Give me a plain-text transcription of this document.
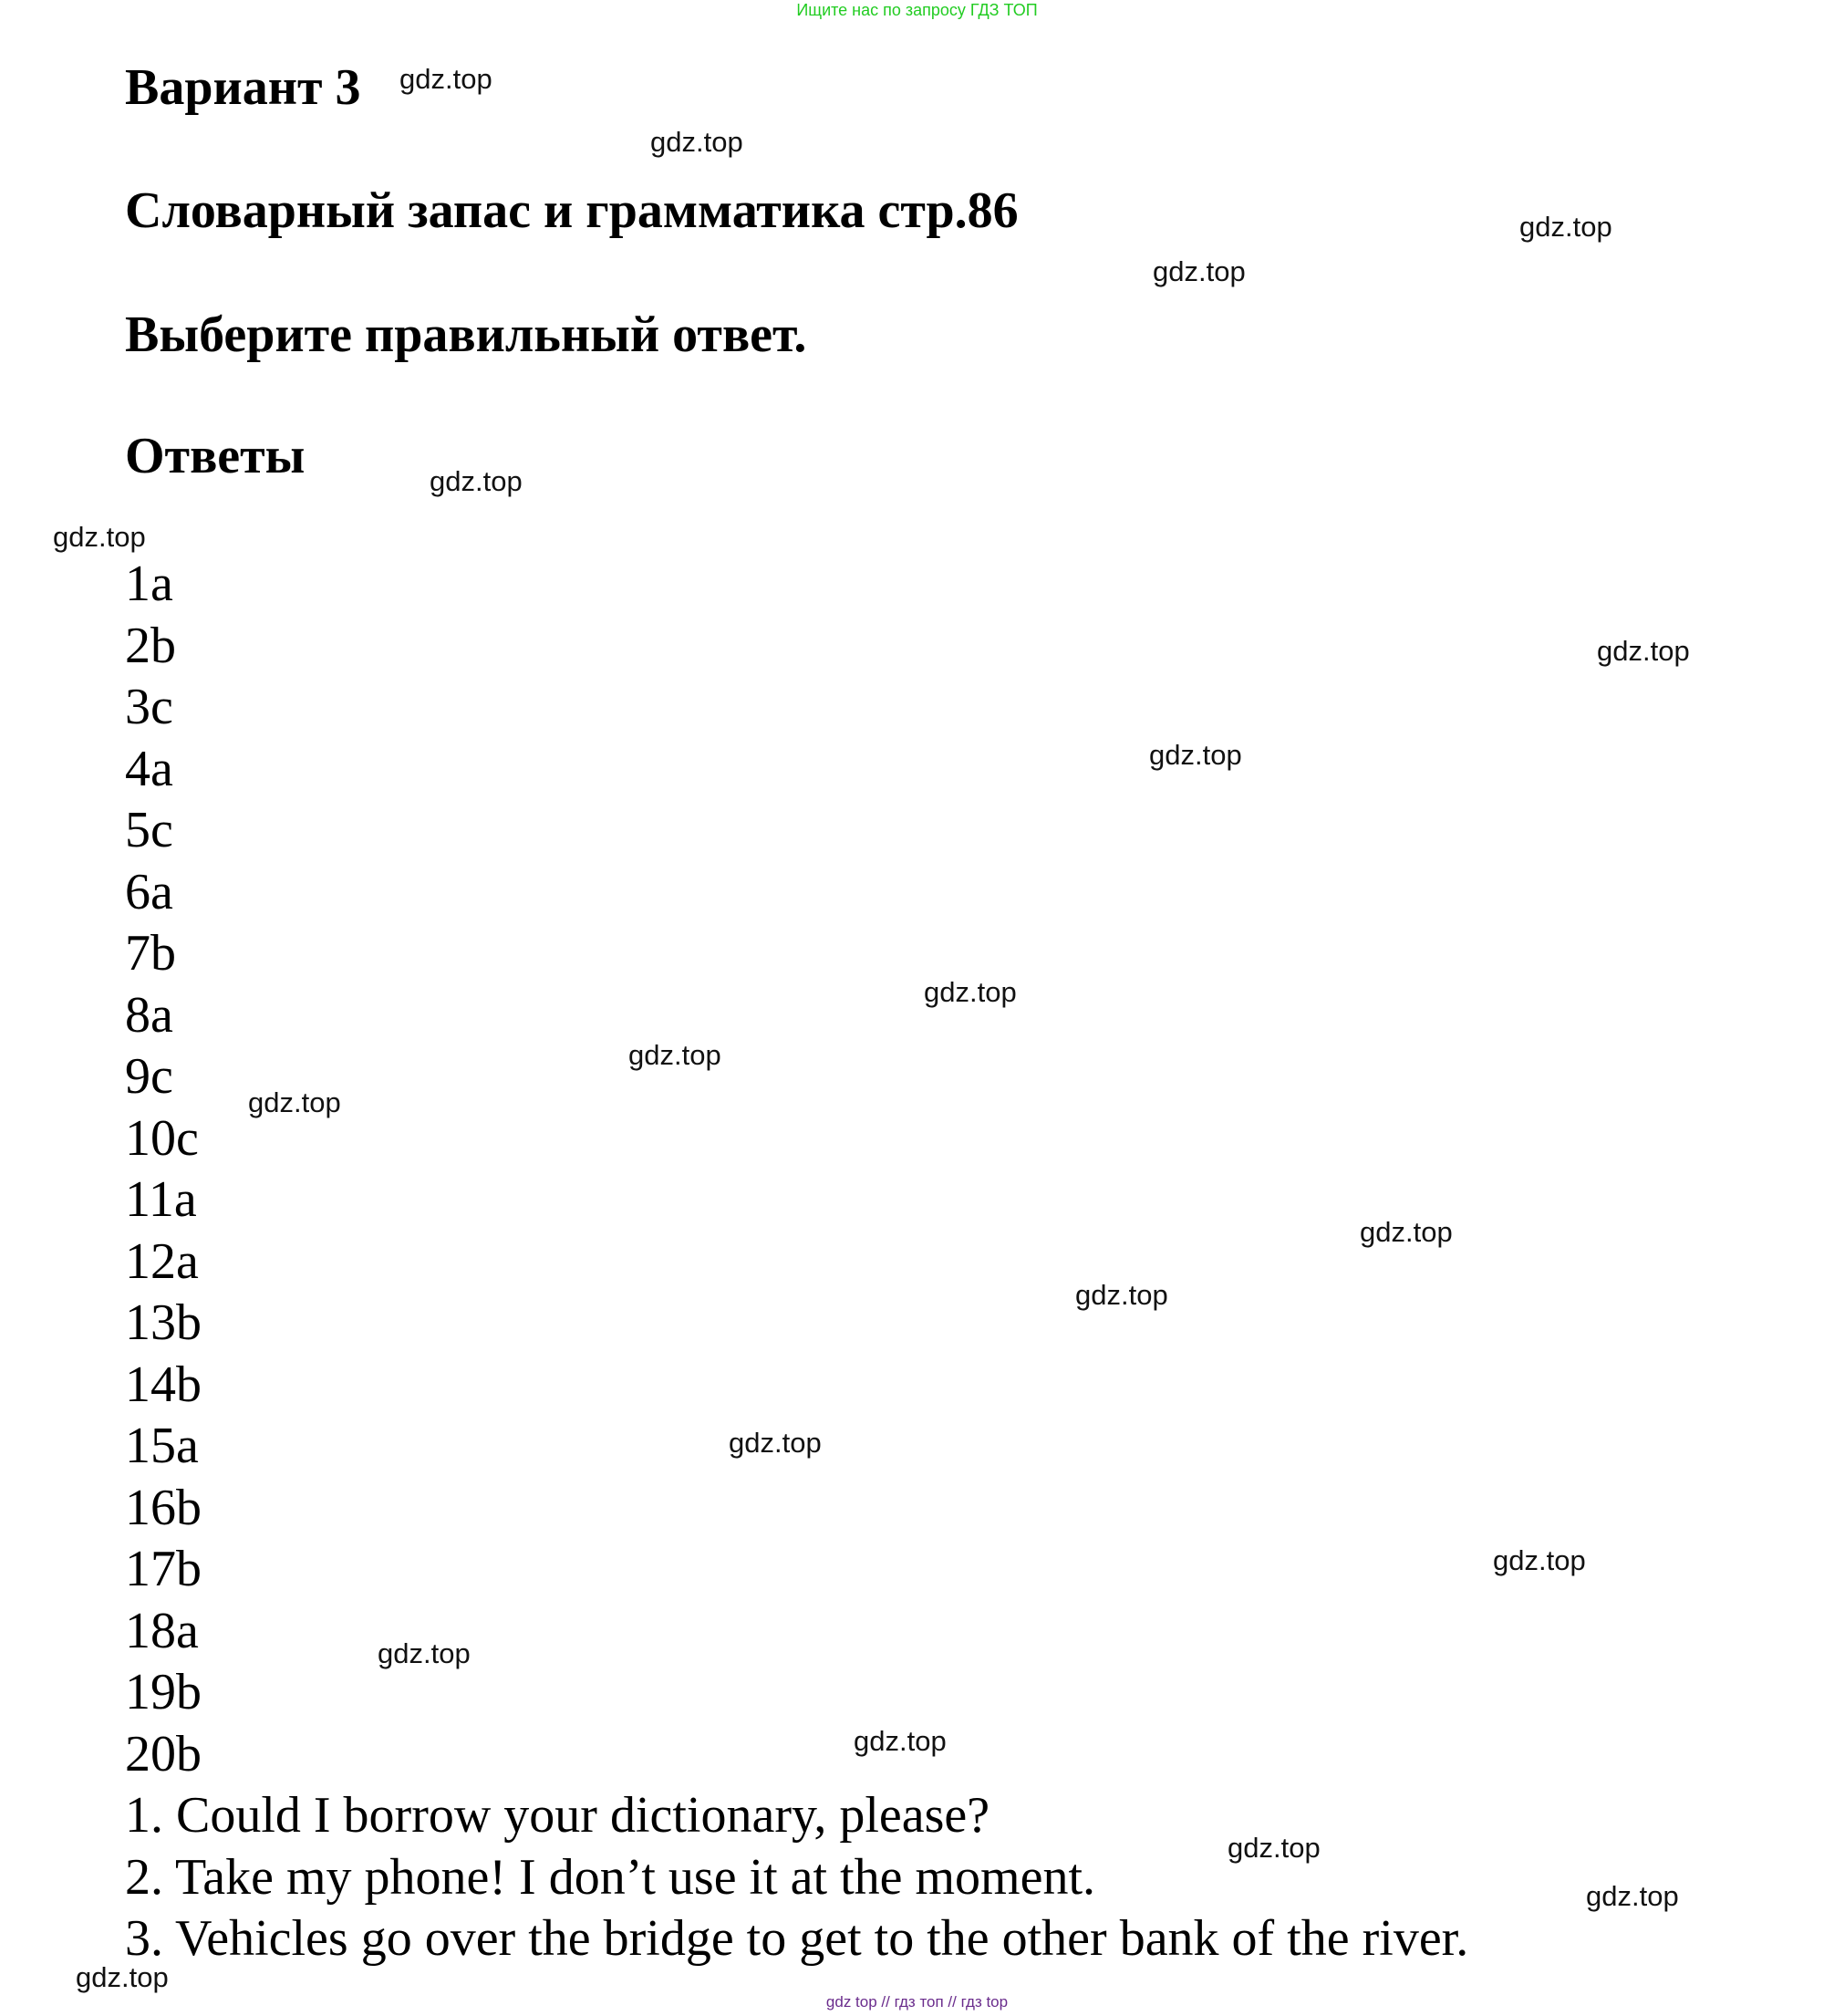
Ищите нас по запросу ГДЗ ТОП
Вариант 3
Словарный запас и грамматика стр.86
Выберите правильный ответ.
Ответы
1a
2b
3c
4a
5c
6a
7b
8a
9c
10c
11a
12a
13b
14b
15a
16b
17b
18a
19b
20b
1. Could I borrow your dictionary, please?
2. Take my phone! I don’t use it at the moment.
3. Vehicles go over the bridge to get to the other bank of the river.
gdz.top
gdz.top
gdz.top
gdz.top
gdz.top
gdz.top
gdz.top
gdz.top
gdz.top
gdz.top
gdz.top
gdz.top
gdz.top
gdz.top
gdz.top
gdz.top
gdz.top
gdz.top
gdz.top
gdz.top
gdz top // гдз топ // гдз top
